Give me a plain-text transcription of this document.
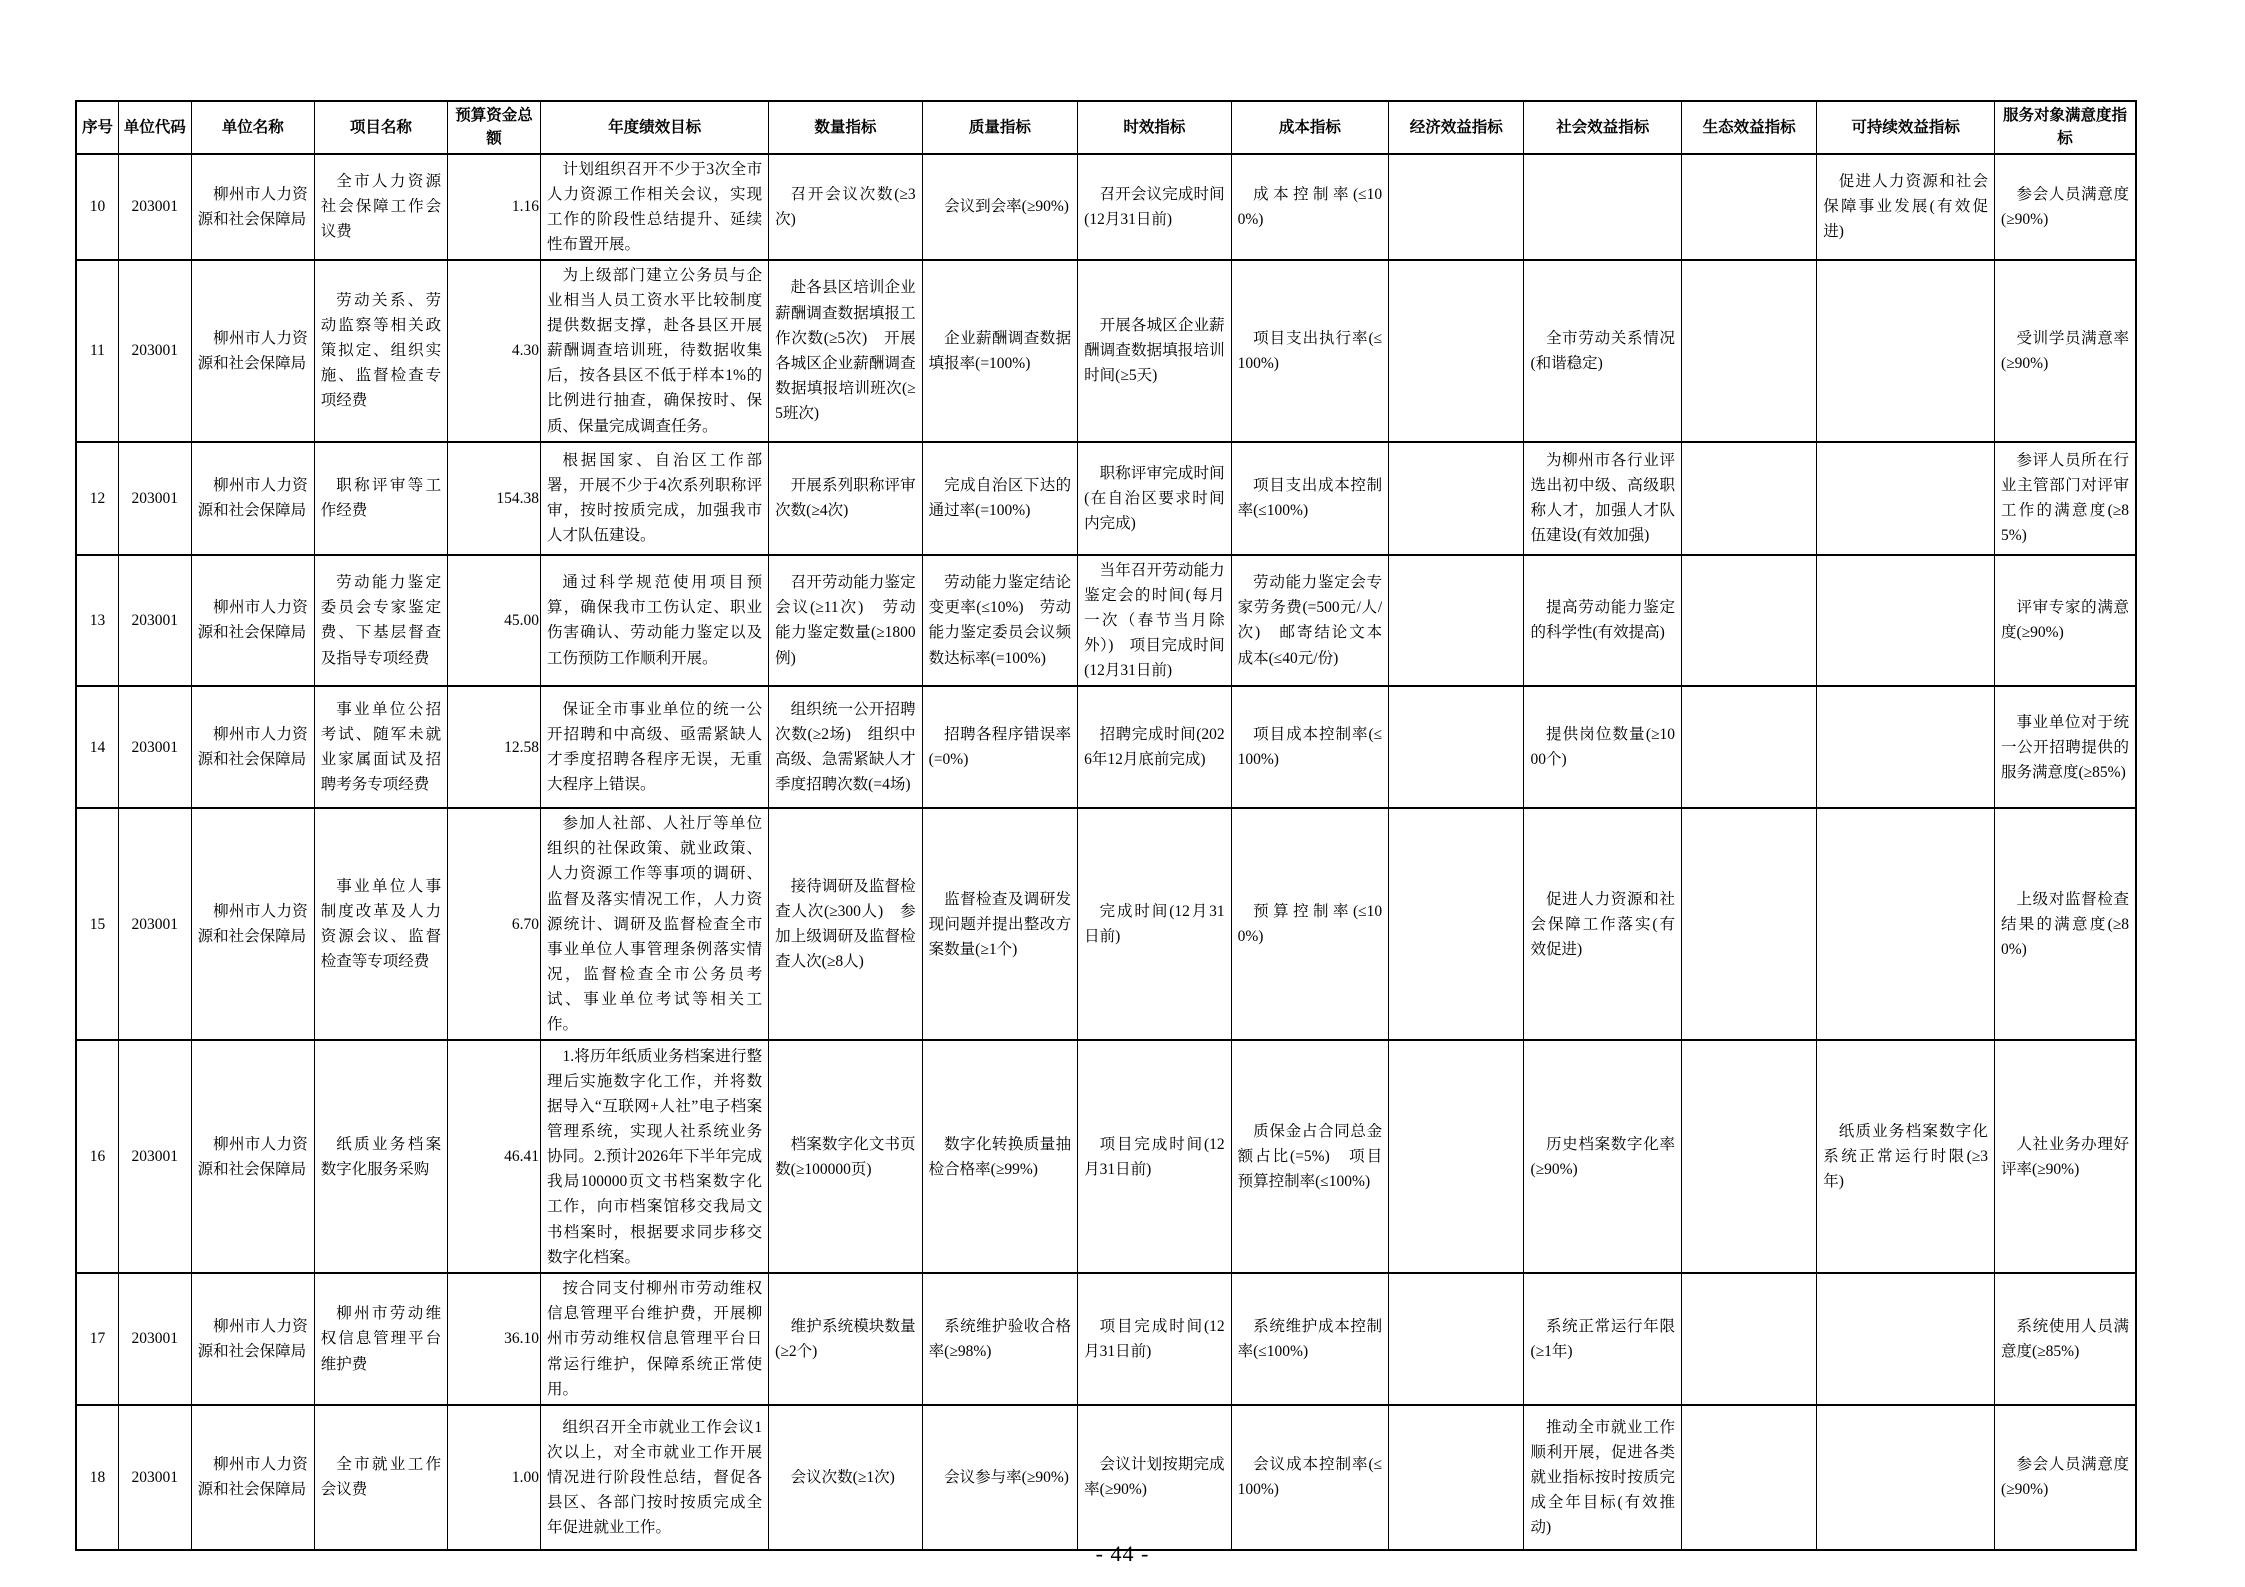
序号	单位代码	单位名称	项目名称	预算资金总额	年度绩效目标	数量指标	质量指标	时效指标	成本指标	经济效益指标	社会效益指标	生态效益指标	可持续效益指标	服务对象满意度指标
10	203001	柳州市人力资源和社会保障局	全市人力资源社会保障工作会议费	1.16	计划组织召开不少于3次全市人力资源工作相关会议，实现工作的阶段性总结提升、延续性布置开展。	召开会议次数(≥3次)	会议到会率(≥90%)	召开会议完成时间(12月31日前)	成本控制率(≤100%)				促进人力资源和社会保障事业发展(有效促进)	参会人员满意度(≥90%)
11	203001	柳州市人力资源和社会保障局	劳动关系、劳动监察等相关政策拟定、组织实施、监督检查专项经费	4.30	为上级部门建立公务员与企业相当人员工资水平比较制度提供数据支撑，赴各县区开展薪酬调查培训班，待数据收集后，按各县区不低于样本1%的比例进行抽查，确保按时、保质、保量完成调查任务。	赴各县区培训企业薪酬调查数据填报工作次数(≥5次)　开展各城区企业薪酬调查数据填报培训班次(≥5班次)	企业薪酬调查数据填报率(=100%)	开展各城区企业薪酬调查数据填报培训时间(≥5天)	项目支出执行率(≤100%)		全市劳动关系情况(和谐稳定)			受训学员满意率(≥90%)
12	203001	柳州市人力资源和社会保障局	职称评审等工作经费	154.38	根据国家、自治区工作部署，开展不少于4次系列职称评审，按时按质完成，加强我市人才队伍建设。	开展系列职称评审次数(≥4次)	完成自治区下达的通过率(=100%)	职称评审完成时间(在自治区要求时间内完成)	项目支出成本控制率(≤100%)		为柳州市各行业评选出初中级、高级职称人才，加强人才队伍建设(有效加强)			参评人员所在行业主管部门对评审工作的满意度(≥85%)
13	203001	柳州市人力资源和社会保障局	劳动能力鉴定委员会专家鉴定费、下基层督查及指导专项经费	45.00	通过科学规范使用项目预算，确保我市工伤认定、职业伤害确认、劳动能力鉴定以及工伤预防工作顺利开展。	召开劳动能力鉴定会议(≥11次)　劳动能力鉴定数量(≥1800例)	劳动能力鉴定结论变更率(≤10%)　劳动能力鉴定委员会议频数达标率(=100%)	当年召开劳动能力鉴定会的时间(每月一次（春节当月除外）)　项目完成时间(12月31日前)	劳动能力鉴定会专家劳务费(=500元/人/次)　邮寄结论文本成本(≤40元/份)		提高劳动能力鉴定的科学性(有效提高)			评审专家的满意度(≥90%)
14	203001	柳州市人力资源和社会保障局	事业单位公招考试、随军未就业家属面试及招聘考务专项经费	12.58	保证全市事业单位的统一公开招聘和中高级、亟需紧缺人才季度招聘各程序无误，无重大程序上错误。	组织统一公开招聘次数(≥2场)　组织中高级、急需紧缺人才季度招聘次数(=4场)	招聘各程序错误率(=0%)	招聘完成时间(2026年12月底前完成)	项目成本控制率(≤100%)		提供岗位数量(≥1000个)			事业单位对于统一公开招聘提供的服务满意度(≥85%)
15	203001	柳州市人力资源和社会保障局	事业单位人事制度改革及人力资源会议、监督检查等专项经费	6.70	参加人社部、人社厅等单位组织的社保政策、就业政策、人力资源工作等事项的调研、监督及落实情况工作，人力资源统计、调研及监督检查全市事业单位人事管理条例落实情况，监督检查全市公务员考试、事业单位考试等相关工作。	接待调研及监督检查人次(≥300人)　参加上级调研及监督检查人次(≥8人)	监督检查及调研发现问题并提出整改方案数量(≥1个)	完成时间(12月31日前)	预算控制率(≤100%)		促进人力资源和社会保障工作落实(有效促进)			上级对监督检查结果的满意度(≥80%)
16	203001	柳州市人力资源和社会保障局	纸质业务档案数字化服务采购	46.41	1.将历年纸质业务档案进行整理后实施数字化工作，并将数据导入“互联网+人社”电子档案管理系统，实现人社系统业务协同。2.预计2026年下半年完成我局100000页文书档案数字化工作，向市档案馆移交我局文书档案时，根据要求同步移交数字化档案。	档案数字化文书页数(≥100000页)	数字化转换质量抽检合格率(≥99%)	项目完成时间(12月31日前)	质保金占合同总金额占比(=5%)　项目预算控制率(≤100%)		历史档案数字化率(≥90%)		纸质业务档案数字化系统正常运行时限(≥3年)	人社业务办理好评率(≥90%)
17	203001	柳州市人力资源和社会保障局	柳州市劳动维权信息管理平台维护费	36.10	按合同支付柳州市劳动维权信息管理平台维护费，开展柳州市劳动维权信息管理平台日常运行维护，保障系统正常使用。	维护系统模块数量(≥2个)	系统维护验收合格率(≥98%)	项目完成时间(12月31日前)	系统维护成本控制率(≤100%)		系统正常运行年限(≥1年)			系统使用人员满意度(≥85%)
18	203001	柳州市人力资源和社会保障局	全市就业工作会议费	1.00	组织召开全市就业工作会议1次以上，对全市就业工作开展情况进行阶段性总结，督促各县区、各部门按时按质完成全年促进就业工作。	会议次数(≥1次)	会议参与率(≥90%)	会议计划按期完成率(≥90%)	会议成本控制率(≤100%)		推动全市就业工作顺利开展，促进各类就业指标按时按质完成全年目标(有效推动)			参会人员满意度(≥90%)
- 44 -
